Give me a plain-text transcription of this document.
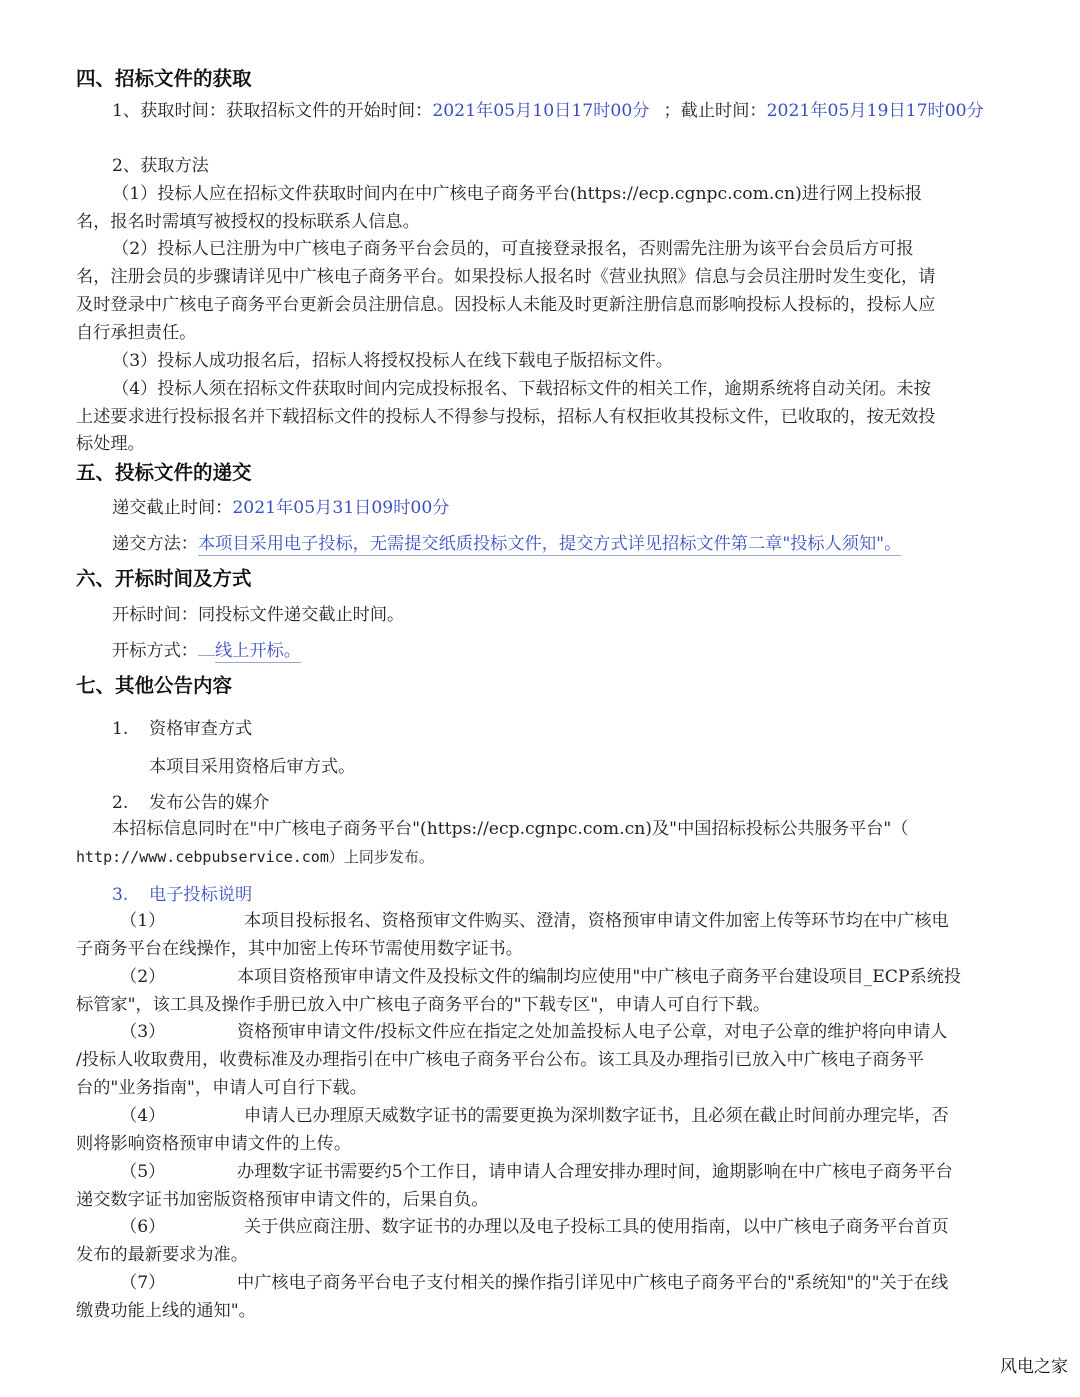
四、招标文件的获取
1、获取时间：获取招标文件的开始时间：2021年05月10日17时00分 ；截止时间：2021年05月19日17时00分
2、获取方法
（1）投标人应在招标文件获取时间内在中广核电子商务平台(https://ecp.cgnpc.com.cn)进行网上投标报
名，报名时需填写被授权的投标联系人信息。
（2）投标人已注册为中广核电子商务平台会员的，可直接登录报名，否则需先注册为该平台会员后方可报
名，注册会员的步骤请详见中广核电子商务平台。如果投标人报名时《营业执照》信息与会员注册时发生变化，请
及时登录中广核电子商务平台更新会员注册信息。因投标人未能及时更新注册信息而影响投标人投标的，投标人应
自行承担责任。
（3）投标人成功报名后，招标人将授权投标人在线下载电子版招标文件。
（4）投标人须在招标文件获取时间内完成投标报名、下载招标文件的相关工作，逾期系统将自动关闭。未按
上述要求进行投标报名并下载招标文件的投标人不得参与投标，招标人有权拒收其投标文件，已收取的，按无效投
标处理。
五、投标文件的递交
递交截止时间：2021年05月31日09时00分
递交方法：本项目采用电子投标，无需提交纸质投标文件，提交方式详见招标文件第二章"投标人须知"。
六、开标时间及方式
开标时间：同投标文件递交截止时间。
开标方式： 线上开标。
七、其他公告内容
1. 资格审查方式
本项目采用资格后审方式。
2. 发布公告的媒介
本招标信息同时在"中广核电子商务平台"(https://ecp.cgnpc.com.cn)及"中国招标投标公共服务平台"（
http://www.cebpubservice.com）上同步发布。
3. 电子投标说明
（1）	本项目投标报名、资格预审文件购买、澄清，资格预审申请文件加密上传等环节均在中广核电
子商务平台在线操作，其中加密上传环节需使用数字证书。
（2）	本项目资格预审申请文件及投标文件的编制均应使用"中广核电子商务平台建设项目_ECP系统投
标管家"，该工具及操作手册已放入中广核电子商务平台的"下载专区"，申请人可自行下载。
（3）	资格预审申请文件/投标文件应在指定之处加盖投标人电子公章，对电子公章的维护将向申请人
/投标人收取费用，收费标准及办理指引在中广核电子商务平台公布。该工具及办理指引已放入中广核电子商务平
台的"业务指南"，申请人可自行下载。
（4）	申请人已办理原天威数字证书的需要更换为深圳数字证书，且必须在截止时间前办理完毕，否
则将影响资格预审申请文件的上传。
（5）	办理数字证书需要约5个工作日，请申请人合理安排办理时间，逾期影响在中广核电子商务平台
递交数字证书加密版资格预审申请文件的，后果自负。
（6）	关于供应商注册、数字证书的办理以及电子投标工具的使用指南，以中广核电子商务平台首页
发布的最新要求为准。
（7）	中广核电子商务平台电子支付相关的操作指引详见中广核电子商务平台的"系统知"的"关于在线
缴费功能上线的通知"。
风电之家
